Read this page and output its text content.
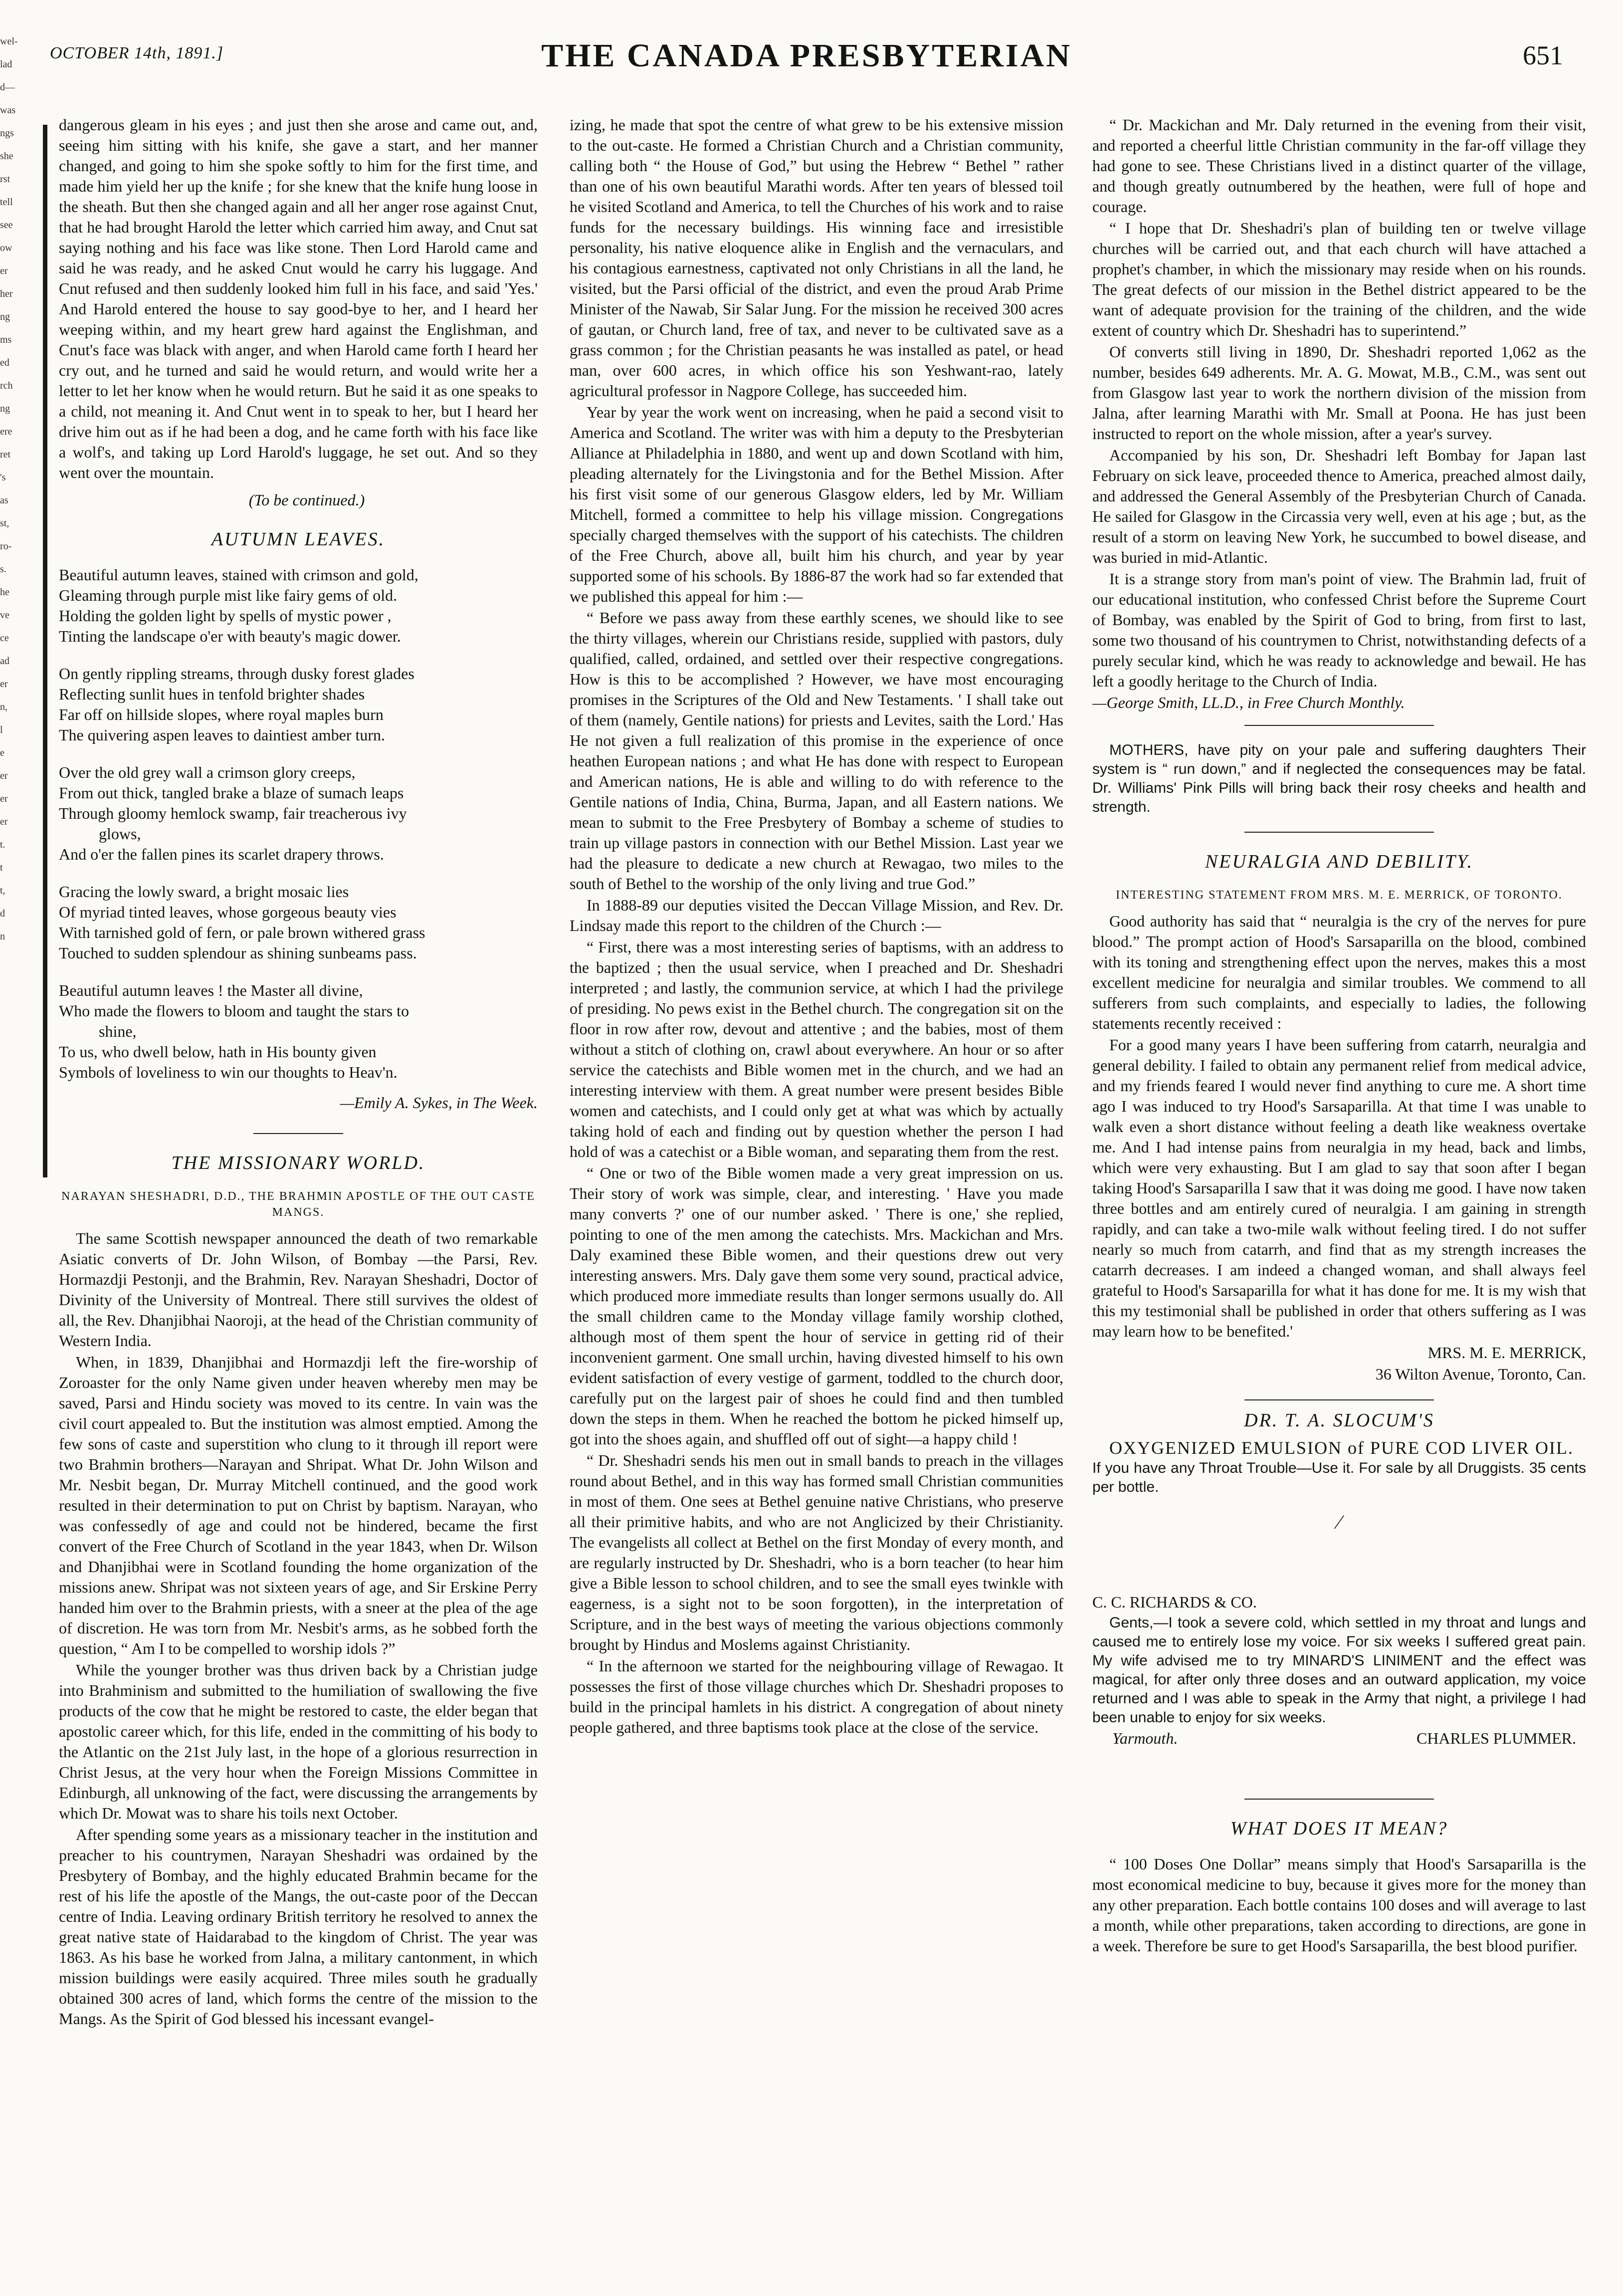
wel-
lad
d—
was
ngs
she
rst
tell
see
ow
er
her
ng
ms
ed
rch
ng
ere
ret
's
as
st,
ro-
s.
he
ve
ce
ad
er
n,
l
e
er
er
er
t.
t
t,
d
n
OCTOBER 14th, 1891.]	THE CANADA PRESBYTERIAN	651

dangerous gleam in his eyes ; and just then she arose and came out, and, seeing him sitting with his knife, she gave a start, and her manner changed, and going to him she spoke softly to him for the first time, and made him yield her up the knife ; for she knew that the knife hung loose in the sheath. But then she changed again and all her anger rose against Cnut, that he had brought Harold the letter which carried him away, and Cnut sat saying nothing and his face was like stone. Then Lord Harold came and said he was ready, and he asked Cnut would he carry his luggage. And Cnut refused and then suddenly looked him full in his face, and said 'Yes.' And Harold entered the house to say good-bye to her, and I heard her weeping within, and my heart grew hard against the Englishman, and Cnut's face was black with anger, and when Harold came forth I heard her cry out, and he turned and said he would return, and would write her a letter to let her know when he would return. But he said it as one speaks to a child, not meaning it. And Cnut went in to speak to her, but I heard her drive him out as if he had been a dog, and he came forth with his face like a wolf's, and taking up Lord Harold's luggage, he set out. And so they went over the mountain.

(To be continued.)

AUTUMN LEAVES.

Beautiful autumn leaves, stained with crimson and gold,

Gleaming through purple mist like fairy gems of old.

Holding the golden light by spells of mystic power ,

Tinting the landscape o'er with beauty's magic dower.

On gently rippling streams, through dusky forest glades

Reflecting sunlit hues in tenfold brighter shades

Far off on hillside slopes, where royal maples burn

The quivering aspen leaves to daintiest amber turn.

Over the old grey wall a crimson glory creeps,

From out thick, tangled brake a blaze of sumach leaps

Through gloomy hemlock swamp, fair treacherous ivy

glows,

And o'er the fallen pines its scarlet drapery throws.

Gracing the lowly sward, a bright mosaic lies

Of myriad tinted leaves, whose gorgeous beauty vies

With tarnished gold of fern, or pale brown withered grass

Touched to sudden splendour as shining sunbeams pass.

Beautiful autumn leaves ! the Master all divine,

Who made the flowers to bloom and taught the stars to

shine,

To us, who dwell below, hath in His bounty given

Symbols of loveliness to win our thoughts to Heav'n.

—Emily A. Sykes, in The Week.

THE MISSIONARY WORLD.
NARAYAN SHESHADRI, D.D., THE BRAHMIN APOSTLE OF THE OUT CASTE MANGS.

The same Scottish newspaper announced the death of two remarkable Asiatic converts of Dr. John Wilson, of Bombay —the Parsi, Rev. Hormazdji Pestonji, and the Brahmin, Rev. Narayan Sheshadri, Doctor of Divinity of the University of Montreal. There still survives the oldest of all, the Rev. Dhanjibhai Naoroji, at the head of the Christian community of Western India.

When, in 1839, Dhanjibhai and Hormazdji left the fire-worship of Zoroaster for the only Name given under heaven whereby men may be saved, Parsi and Hindu society was moved to its centre. In vain was the civil court appealed to. But the institution was almost emptied. Among the few sons of caste and superstition who clung to it through ill report were two Brahmin brothers—Narayan and Shripat. What Dr. John Wilson and Mr. Nesbit began, Dr. Murray Mitchell continued, and the good work resulted in their determination to put on Christ by baptism. Narayan, who was confessedly of age and could not be hindered, became the first convert of the Free Church of Scotland in the year 1843, when Dr. Wilson and Dhanjibhai were in Scotland founding the home organization of the missions anew. Shripat was not sixteen years of age, and Sir Erskine Perry handed him over to the Brahmin priests, with a sneer at the plea of the age of discretion. He was torn from Mr. Nesbit's arms, as he sobbed forth the question, “ Am I to be compelled to worship idols ?”

While the younger brother was thus driven back by a Christian judge into Brahminism and submitted to the humiliation of swallowing the five products of the cow that he might be restored to caste, the elder began that apostolic career which, for this life, ended in the committing of his body to the Atlantic on the 21st July last, in the hope of a glorious resurrection in Christ Jesus, at the very hour when the Foreign Missions Committee in Edinburgh, all unknowing of the fact, were discussing the arrangements by which Dr. Mowat was to share his toils next October.

After spending some years as a missionary teacher in the institution and preacher to his countrymen, Narayan Sheshadri was ordained by the Presbytery of Bombay, and the highly educated Brahmin became for the rest of his life the apostle of the Mangs, the out-caste poor of the Deccan centre of India. Leaving ordinary British territory he resolved to annex the great native state of Haidarabad to the kingdom of Christ. The year was 1863. As his base he worked from Jalna, a military cantonment, in which mission buildings were easily acquired. Three miles south he gradually obtained 300 acres of land, which forms the centre of the mission to the Mangs. As the Spirit of God blessed his incessant evangel-

izing, he made that spot the centre of what grew to be his extensive mission to the out-caste. He formed a Christian Church and a Christian community, calling both “ the House of God,” but using the Hebrew “ Bethel ” rather than one of his own beautiful Marathi words. After ten years of blessed toil he visited Scotland and America, to tell the Churches of his work and to raise funds for the necessary buildings. His winning face and irresistible personality, his native eloquence alike in English and the vernaculars, and his contagious earnestness, captivated not only Christians in all the land, he visited, but the Parsi official of the district, and even the proud Arab Prime Minister of the Nawab, Sir Salar Jung. For the mission he received 300 acres of gautan, or Church land, free of tax, and never to be cultivated save as a grass common ; for the Christian peasants he was installed as patel, or head man, over 600 acres, in which office his son Yeshwant-rao, lately agricultural professor in Nagpore College, has succeeded him.

Year by year the work went on increasing, when he paid a second visit to America and Scotland. The writer was with him a deputy to the Presbyterian Alliance at Philadelphia in 1880, and went up and down Scotland with him, pleading alternately for the Livingstonia and for the Bethel Mission. After his first visit some of our generous Glasgow elders, led by Mr. William Mitchell, formed a committee to help his village mission. Congregations specially charged themselves with the support of his catechists. The children of the Free Church, above all, built him his church, and year by year supported some of his schools. By 1886-87 the work had so far extended that we published this appeal for him :—

“ Before we pass away from these earthly scenes, we should like to see the thirty villages, wherein our Christians reside, supplied with pastors, duly qualified, called, ordained, and settled over their respective congregations. How is this to be accomplished ? However, we have most encouraging promises in the Scriptures of the Old and New Testaments. ' I shall take out of them (namely, Gentile nations) for priests and Levites, saith the Lord.' Has He not given a full realization of this promise in the experience of once heathen European nations ; and what He has done with respect to European and American nations, He is able and willing to do with reference to the Gentile nations of India, China, Burma, Japan, and all Eastern nations. We mean to submit to the Free Presbytery of Bombay a scheme of studies to train up village pastors in connection with our Bethel Mission. Last year we had the pleasure to dedicate a new church at Rewagao, two miles to the south of Bethel to the worship of the only living and true God.”

In 1888-89 our deputies visited the Deccan Village Mission, and Rev. Dr. Lindsay made this report to the children of the Church :—

“ First, there was a most interesting series of baptisms, with an address to the baptized ; then the usual service, when I preached and Dr. Sheshadri interpreted ; and lastly, the communion service, at which I had the privilege of presiding. No pews exist in the Bethel church. The congregation sit on the floor in row after row, devout and attentive ; and the babies, most of them without a stitch of clothing on, crawl about everywhere. An hour or so after service the catechists and Bible women met in the church, and we had an interesting interview with them. A great number were present besides Bible women and catechists, and I could only get at what was which by actually taking hold of each and finding out by question whether the person I had hold of was a catechist or a Bible woman, and separating them from the rest.

“ One or two of the Bible women made a very great impression on us. Their story of work was simple, clear, and interesting. ' Have you made many converts ?' one of our number asked. ' There is one,' she replied, pointing to one of the men among the catechists. Mrs. Mackichan and Mrs. Daly examined these Bible women, and their questions drew out very interesting answers. Mrs. Daly gave them some very sound, practical advice, which produced more immediate results than longer sermons usually do. All the small children came to the Monday village family worship clothed, although most of them spent the hour of service in getting rid of their inconvenient garment. One small urchin, having divested himself to his own evident satisfaction of every vestige of garment, toddled to the church door, carefully put on the largest pair of shoes he could find and then tumbled down the steps in them. When he reached the bottom he picked himself up, got into the shoes again, and shuffled off out of sight—a happy child !

“ Dr. Sheshadri sends his men out in small bands to preach in the villages round about Bethel, and in this way has formed small Christian communities in most of them. One sees at Bethel genuine native Christians, who preserve all their primitive habits, and who are not Anglicized by their Christianity. The evangelists all collect at Bethel on the first Monday of every month, and are regularly instructed by Dr. Sheshadri, who is a born teacher (to hear him give a Bible lesson to school children, and to see the small eyes twinkle with eagerness, is a sight not to be soon forgotten), in the interpretation of Scripture, and in the best ways of meeting the various objections commonly brought by Hindus and Moslems against Christianity.

“ In the afternoon we started for the neighbouring village of Rewagao. It possesses the first of those village churches which Dr. Sheshadri proposes to build in the principal hamlets in his district. A congregation of about ninety people gathered, and three baptisms took place at the close of the service.

“ Dr. Mackichan and Mr. Daly returned in the evening from their visit, and reported a cheerful little Christian community in the far-off village they had gone to see. These Christians lived in a distinct quarter of the village, and though greatly outnumbered by the heathen, were full of hope and courage.

“ I hope that Dr. Sheshadri's plan of building ten or twelve village churches will be carried out, and that each church will have attached a prophet's chamber, in which the missionary may reside when on his rounds. The great defects of our mission in the Bethel district appeared to be the want of adequate provision for the training of the children, and the wide extent of country which Dr. Sheshadri has to superintend.”

Of converts still living in 1890, Dr. Sheshadri reported 1,062 as the number, besides 649 adherents. Mr. A. G. Mowat, M.B., C.M., was sent out from Glasgow last year to work the northern division of the mission from Jalna, after learning Marathi with Mr. Small at Poona. He has just been instructed to report on the whole mission, after a year's survey.

Accompanied by his son, Dr. Sheshadri left Bombay for Japan last February on sick leave, proceeded thence to America, preached almost daily, and addressed the General Assembly of the Presbyterian Church of Canada. He sailed for Glasgow in the Circassia very well, even at his age ; but, as the result of a storm on leaving New York, he succumbed to bowel disease, and was buried in mid-Atlantic.

It is a strange story from man's point of view. The Brahmin lad, fruit of our educational institution, who confessed Christ before the Supreme Court of Bombay, was enabled by the Spirit of God to bring, from first to last, some two thousand of his countrymen to Christ, notwithstanding defects of a purely secular kind, which he was ready to acknowledge and bewail. He has left a goodly heritage to the Church of India.

—George Smith, LL.D., in Free Church Monthly.

MOTHERS, have pity on your pale and suffering daughters Their system is “ run down,” and if neglected the consequences may be fatal. Dr. Williams' Pink Pills will bring back their rosy cheeks and health and strength.

NEURALGIA AND DEBILITY.
INTERESTING STATEMENT FROM MRS. M. E. MERRICK, OF TORONTO.

Good authority has said that “ neuralgia is the cry of the nerves for pure blood.” The prompt action of Hood's Sarsaparilla on the blood, combined with its toning and strengthening effect upon the nerves, makes this a most excellent medicine for neuralgia and similar troubles. We commend to all sufferers from such complaints, and especially to ladies, the following statements recently received :

For a good many years I have been suffering from catarrh, neuralgia and general debility. I failed to obtain any permanent relief from medical advice, and my friends feared I would never find anything to cure me. A short time ago I was induced to try Hood's Sarsaparilla. At that time I was unable to walk even a short distance without feeling a death like weakness overtake me. And I had intense pains from neuralgia in my head, back and limbs, which were very exhausting. But I am glad to say that soon after I began taking Hood's Sarsaparilla I saw that it was doing me good. I have now taken three bottles and am entirely cured of neuralgia. I am gaining in strength rapidly, and can take a two-mile walk without feeling tired. I do not suffer nearly so much from catarrh, and find that as my strength increases the catarrh decreases. I am indeed a changed woman, and shall always feel grateful to Hood's Sarsaparilla for what it has done for me. It is my wish that this my testimonial shall be published in order that others suffering as I was may learn how to be benefited.'

MRS. M. E. MERRICK,

36 Wilton Avenue, Toronto, Can.

DR. T. A. SLOCUM'S

OXYGENIZED EMULSION of PURE COD LIVER OIL.

If you have any Throat Trouble—Use it. For sale by all Druggists. 35 cents per bottle.

⁄

C. C. RICHARDS & CO.

Gents,—I took a severe cold, which settled in my throat and lungs and caused me to entirely lose my voice. For six weeks I suffered great pain. My wife advised me to try MINARD'S LINIMENT and the effect was magical, for after only three doses and an outward application, my voice returned and I was able to speak in the Army that night, a privilege I had been unable to enjoy for six weeks.

Yarmouth.	CHARLES PLUMMER.
WHAT DOES IT MEAN?

“ 100 Doses One Dollar” means simply that Hood's Sarsaparilla is the most economical medicine to buy, because it gives more for the money than any other preparation. Each bottle contains 100 doses and will average to last a month, while other preparations, taken according to directions, are gone in a week. Therefore be sure to get Hood's Sarsaparilla, the best blood purifier.
